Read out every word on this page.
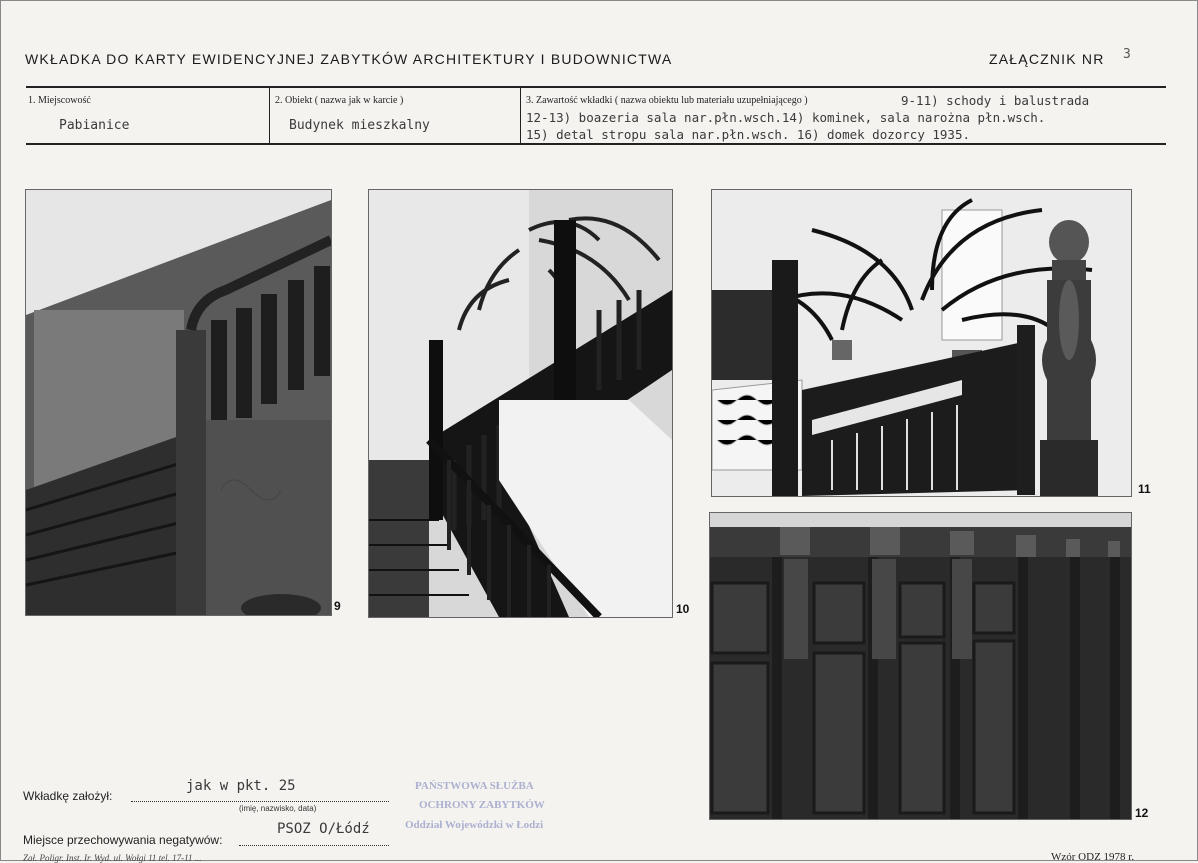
WKŁADKA DO KARTY EWIDENCYJNEJ ZABYTKÓW ARCHITEKTURY I BUDOWNICTWA	ZAŁĄCZNIK NR 3
1. Miejscowość
Pabianice
2. Obiekt ( nazwa jak w karcie )
Budynek mieszkalny
3. Zawartość wkładki ( nazwa obiektu lub materiału uzupełniającego )	9-11) schody i balustrada
12-13) boazeria sala nar.płn.wsch.14) kominek, sala narożna płn.wsch.
15) detal stropu sala nar.płn.wsch. 16) domek dozorcy 1935.
9	10
11
12
Wkładkę założył:
jak w pkt. 25
(imię, nazwisko, data)
Miejsce przechowywania negatywów:
PSOZ O/Łódź
PAŃSTWOWA SŁUŻBA
OCHRONY ZABYTKÓW
Oddział Wojewódzki w Łodzi
Zał. Poligr. Inst. Ir. Wyd. ul. Wołgi 11 tel. 17-11 ...	Wzór ODZ 1978 r.
